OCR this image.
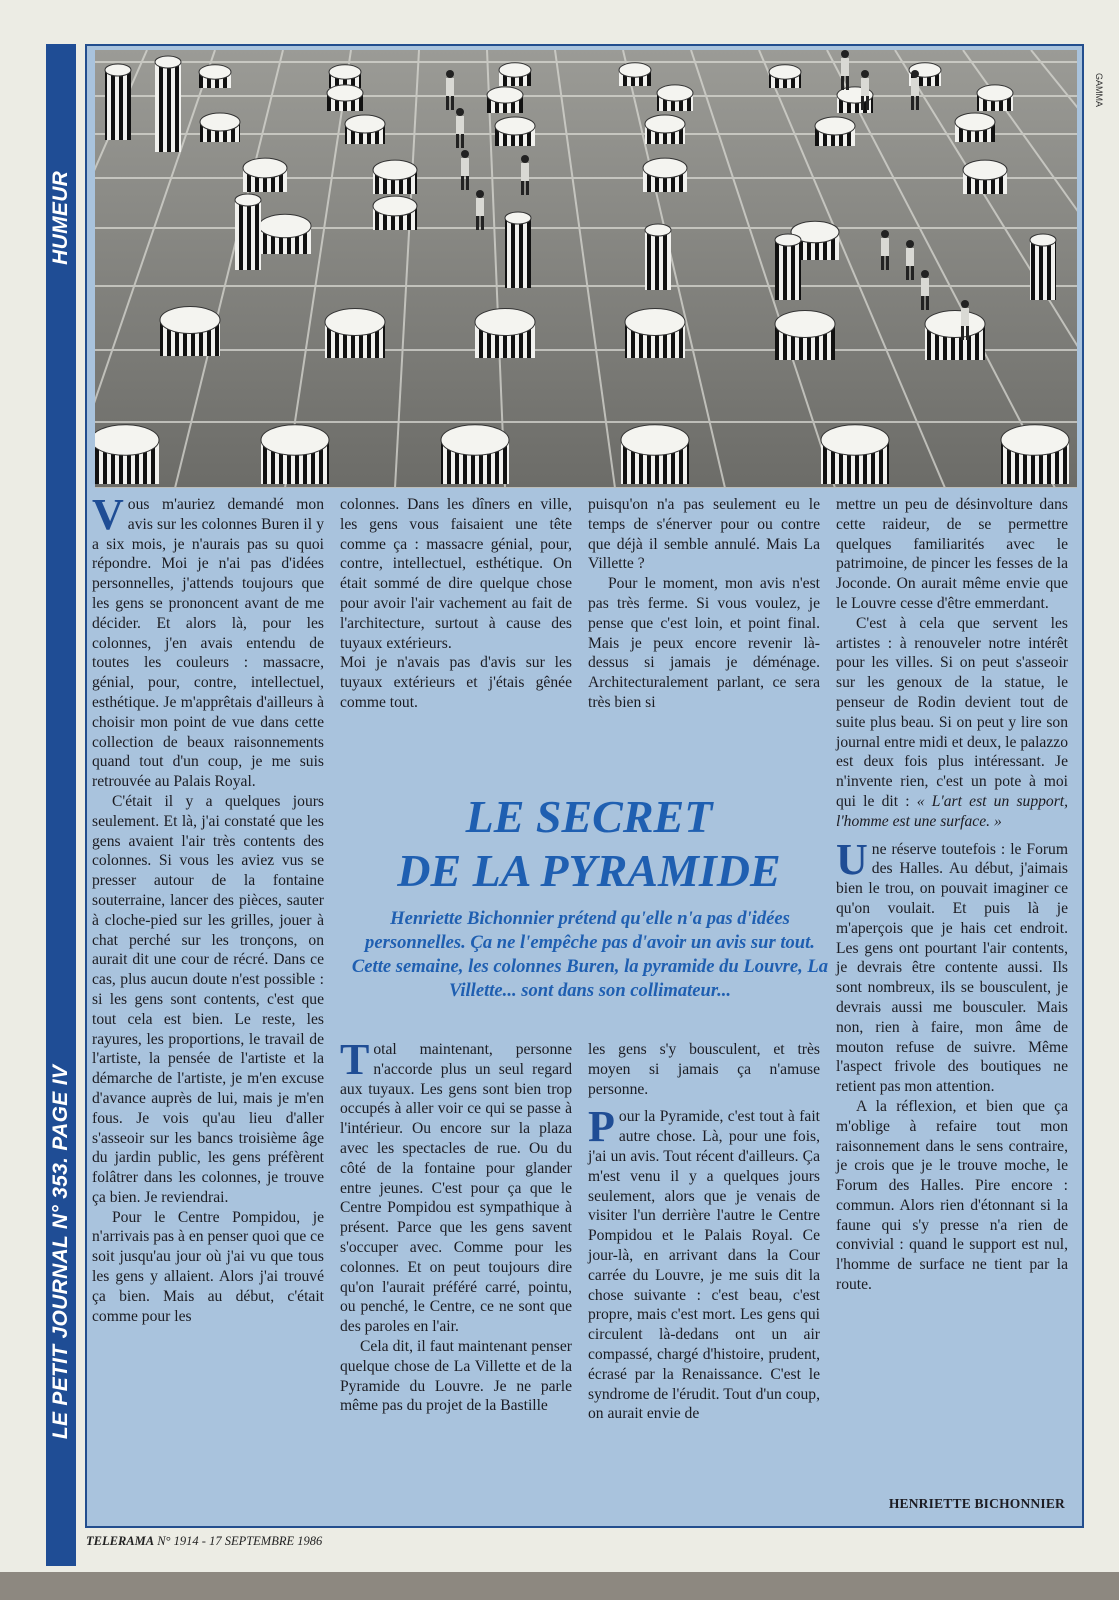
LE PETIT JOURNAL N° 353. PAGE IVHUMEUR
GAMMA

Vous m'auriez demandé mon avis sur les colonnes Buren il y a six mois, je n'aurais pas su quoi répondre. Moi je n'ai pas d'idées personnelles, j'attends toujours que les gens se prononcent avant de me décider. Et alors là, pour les colonnes, j'en avais entendu de toutes les couleurs : massacre, génial, pour, contre, intellectuel, esthétique. Je m'apprêtais d'ailleurs à choisir mon point de vue dans cette collection de beaux raisonnements quand tout d'un coup, je me suis retrouvée au Palais Royal.

C'était il y a quelques jours seulement. Et là, j'ai constaté que les gens avaient l'air très contents des colonnes. Si vous les aviez vus se presser autour de la fontaine souterraine, lancer des pièces, sauter à cloche-pied sur les grilles, jouer à chat perché sur les tronçons, on aurait dit une cour de récré. Dans ce cas, plus aucun doute n'est possible : si les gens sont contents, c'est que tout cela est bien. Le reste, les rayures, les proportions, le travail de l'artiste, la pensée de l'artiste et la démarche de l'artiste, je m'en excuse d'avance auprès de lui, mais je m'en fous. Je vois qu'au lieu d'aller s'asseoir sur les bancs troisième âge du jardin public, les gens préfèrent folâtrer dans les colonnes, je trouve ça bien. Je reviendrai.

Pour le Centre Pompidou, je n'arrivais pas à en penser quoi que ce soit jusqu'au jour où j'ai vu que tous les gens y allaient. Alors j'ai trouvé ça bien. Mais au début, c'était comme pour les

colonnes. Dans les dîners en ville, les gens vous faisaient une tête comme ça : massacre génial, pour, contre, intellectuel, esthétique. On était sommé de dire quelque chose pour avoir l'air vachement au fait de l'architecture, surtout à cause des tuyaux extérieurs.

Moi je n'avais pas d'avis sur les tuyaux extérieurs et j'étais gênée comme tout.

puisqu'on n'a pas seulement eu le temps de s'énerver pour ou contre que déjà il semble annulé. Mais La Villette ?

Pour le moment, mon avis n'est pas très ferme. Si vous voulez, je pense que c'est loin, et point final. Mais je peux encore revenir là-dessus si jamais je déménage. Architecturalement parlant, ce sera très bien si

LE SECRET
DE LA PYRAMIDE
Henriette Bichonnier prétend qu'elle n'a pas d'idées personnelles. Ça ne l'empêche pas d'avoir un avis sur tout. Cette semaine, les colonnes Buren, la pyramide du Louvre, La Villette... sont dans son collimateur...

Total maintenant, personne n'accorde plus un seul regard aux tuyaux. Les gens sont bien trop occupés à aller voir ce qui se passe à l'intérieur. Ou encore sur la plaza avec les spectacles de rue. Ou du côté de la fontaine pour glander entre jeunes. C'est pour ça que le Centre Pompidou est sympathique à présent. Parce que les gens savent s'occuper avec. Comme pour les colonnes. Et on peut toujours dire qu'on l'aurait préféré carré, pointu, ou penché, le Centre, ce ne sont que des paroles en l'air.

Cela dit, il faut maintenant penser quelque chose de La Villette et de la Pyramide du Louvre. Je ne parle même pas du projet de la Bastille

les gens s'y bousculent, et très moyen si jamais ça n'amuse personne.

Pour la Pyramide, c'est tout à fait autre chose. Là, pour une fois, j'ai un avis. Tout récent d'ailleurs. Ça m'est venu il y a quelques jours seulement, alors que je venais de visiter l'un derrière l'autre le Centre Pompidou et le Palais Royal. Ce jour-là, en arrivant dans la Cour carrée du Louvre, je me suis dit la chose suivante : c'est beau, c'est propre, mais c'est mort. Les gens qui circulent là-dedans ont un air compassé, chargé d'histoire, prudent, écrasé par la Renaissance. C'est le syndrome de l'érudit. Tout d'un coup, on aurait envie de

mettre un peu de désinvolture dans cette raideur, de se permettre quelques familiarités avec le patrimoine, de pincer les fesses de la Joconde. On aurait même envie que le Louvre cesse d'être emmerdant.

C'est à cela que servent les artistes : à renouveler notre intérêt pour les villes. Si on peut s'asseoir sur les genoux de la statue, le penseur de Rodin devient tout de suite plus beau. Si on peut y lire son journal entre midi et deux, le palazzo est deux fois plus intéressant. Je n'invente rien, c'est un pote à moi qui le dit : « L'art est un support, l'homme est une surface. »

Une réserve toutefois : le Forum des Halles. Au début, j'aimais bien le trou, on pouvait imaginer ce qu'on voulait. Et puis là je m'aperçois que je hais cet endroit. Les gens ont pourtant l'air contents, je devrais être contente aussi. Ils sont nombreux, ils se bousculent, je devrais aussi me bousculer. Mais non, rien à faire, mon âme de mouton refuse de suivre. Même l'aspect frivole des boutiques ne retient pas mon attention.

A la réflexion, et bien que ça m'oblige à refaire tout mon raisonnement dans le sens contraire, je crois que je le trouve moche, le Forum des Halles. Pire encore : commun. Alors rien d'étonnant si la faune qui s'y presse n'a rien de convivial : quand le support est nul, l'homme de surface ne tient par la route.

HENRIETTE BICHONNIER
TELERAMA N° 1914 - 17 SEPTEMBRE 1986
